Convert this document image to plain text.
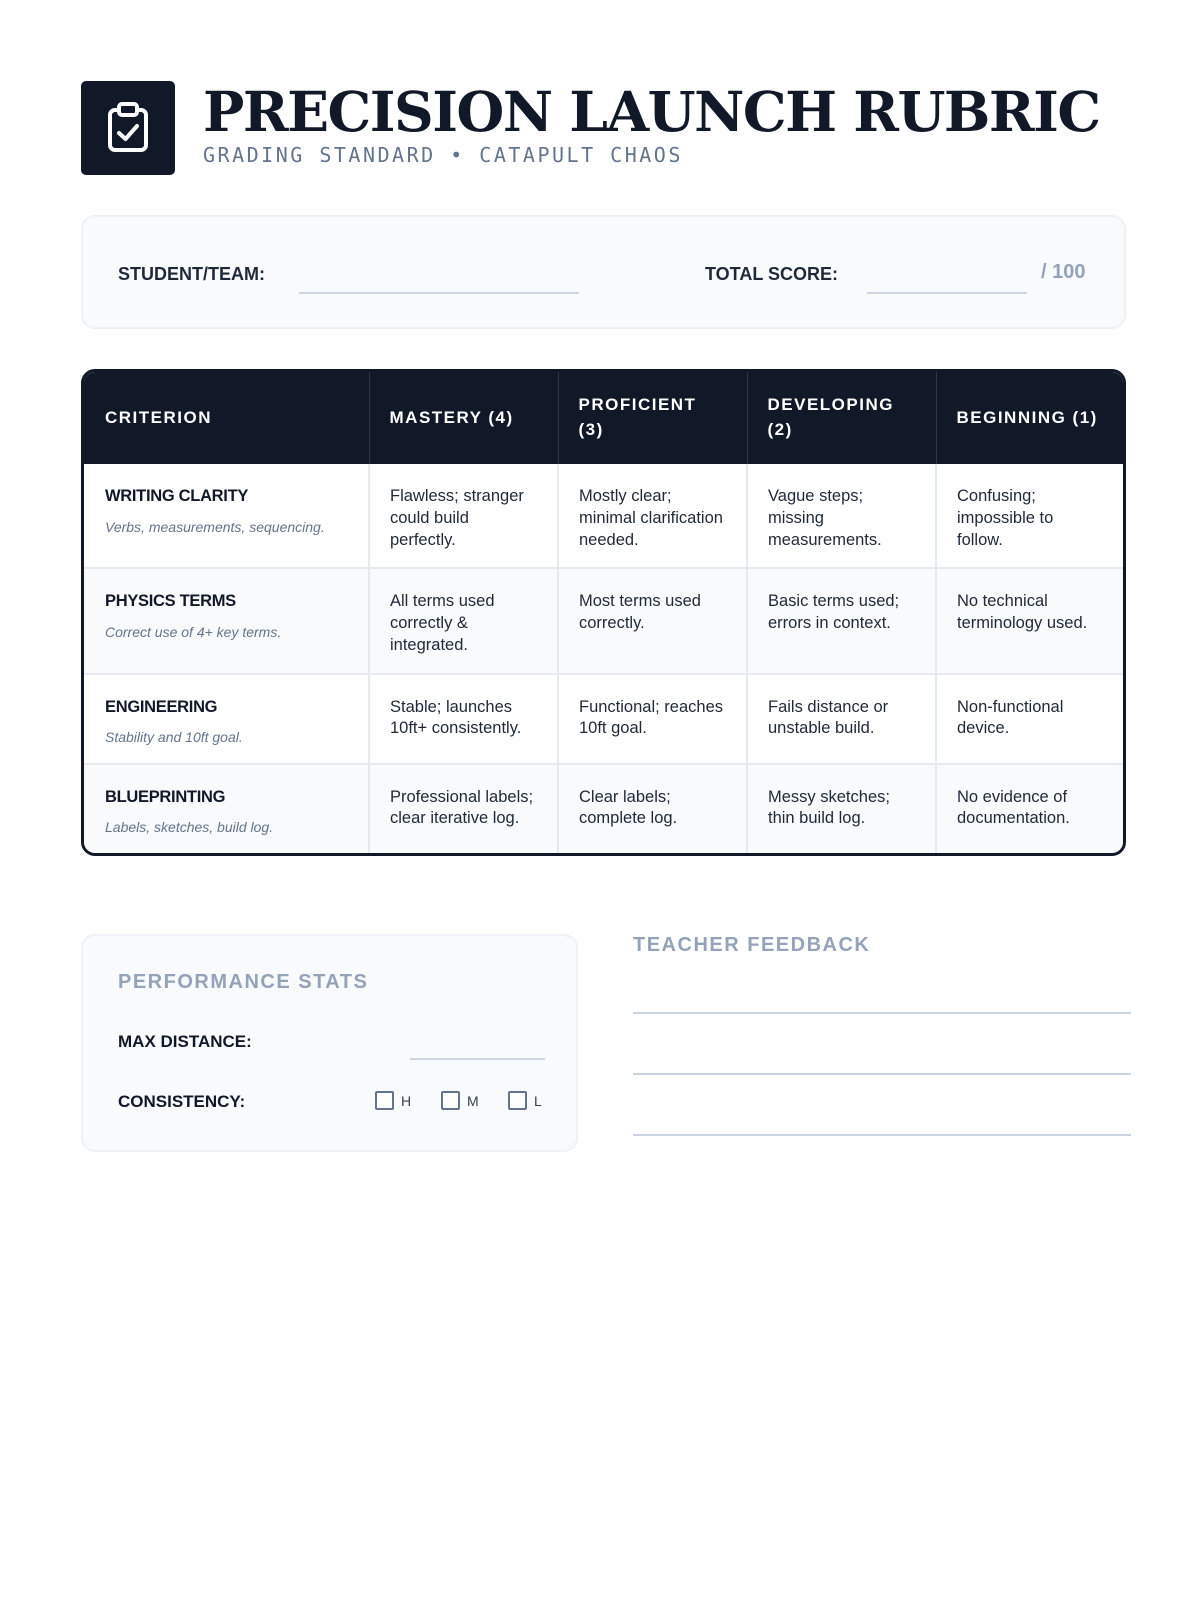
PRECISION LAUNCH RUBRIC
GRADING STANDARD • CATAPULT CHAOS
STUDENT/TEAM:	TOTAL SCORE:	/ 100
CRITERION	MASTERY (4)	PROFICIENT (3)	DEVELOPING (2)	BEGINNING (1)

WRITING CLARITY
Verbs, measurements, sequencing.	Flawless; stranger could build perfectly.	Mostly clear; minimal clarification needed.	Vague steps; missing measurements.	Confusing; impossible to follow.

PHYSICS TERMS
Correct use of 4+ key terms.	All terms used correctly & integrated.	Most terms used correctly.	Basic terms used; errors in context.	No technical terminology used.

ENGINEERING
Stability and 10ft goal.	Stable; launches 10ft+ consistently.	Functional; reaches 10ft goal.	Fails distance or unstable build.	Non-functional device.

BLUEPRINTING
Labels, sketches, build log.	Professional labels; clear iterative log.	Clear labels; complete log.	Messy sketches; thin build log.	No evidence of documentation.
PERFORMANCE STATS
MAX DISTANCE:
CONSISTENCY:	H	M	L
TEACHER FEEDBACK
